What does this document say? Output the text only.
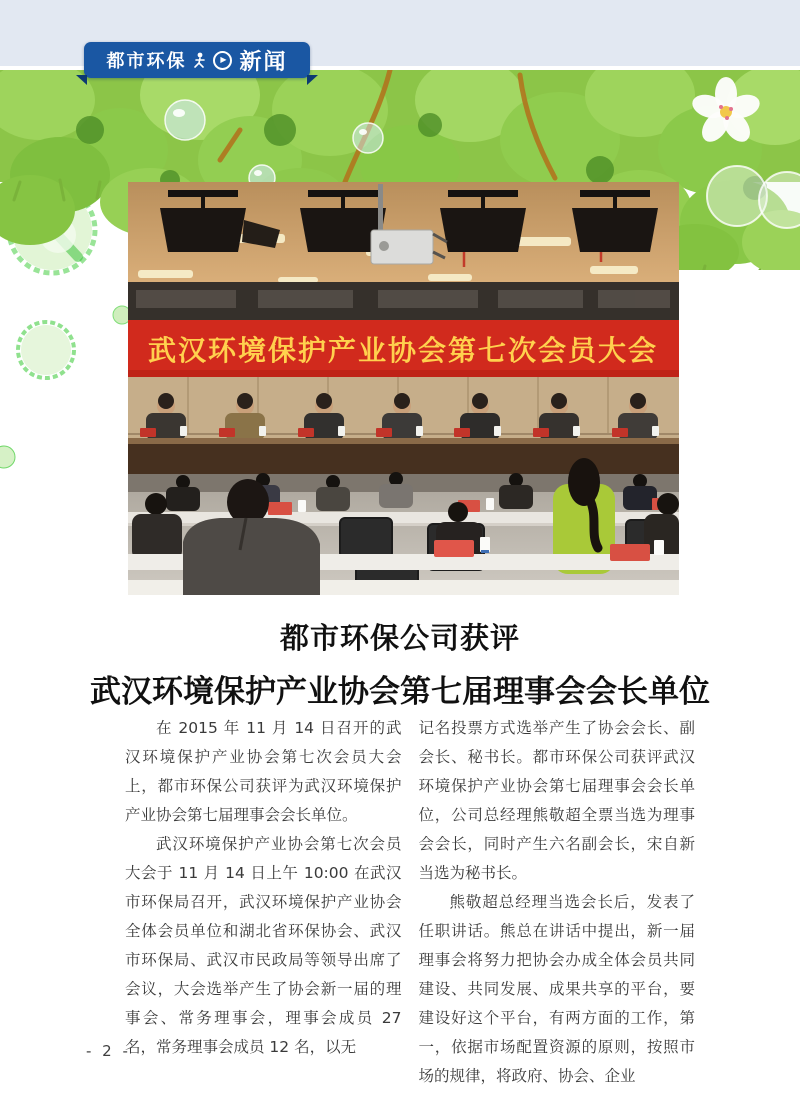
都市环保	▶ 新闻
武汉环境保护产业协会第七次会员大会

都市环保公司获评

武汉环境保护产业协会第七届理事会会长单位

在 2015 年 11 月 14 日召开的武汉环境保护产业协会第七次会员大会上，都市环保公司获评为武汉环境保护产业协会第七届理事会会长单位。

武汉环境保护产业协会第七次会员大会于 11 月 14 日上午 10:00 在武汉市环保局召开，武汉环境保护产业协会全体会员单位和湖北省环保协会、武汉市环保局、武汉市民政局等领导出席了会议，大会选举产生了协会新一届的理事会、常务理事会，理事会成员 27 名，常务理事会成员 12 名，以无

记名投票方式选举产生了协会会长、副会长、秘书长。都市环保公司获评武汉环境保护产业协会第七届理事会会长单位，公司总经理熊敬超全票当选为理事会会长，同时产生六名副会长，宋自新当选为秘书长。

熊敬超总经理当选会长后，发表了任职讲话。熊总在讲话中提出，新一届理事会将努力把协会办成全体会员共同建设、共同发展、成果共享的平台，要建设好这个平台，有两方面的工作，第一，依据市场配置资源的原则，按照市场的规律，将政府、协会、企业

- 2 -
